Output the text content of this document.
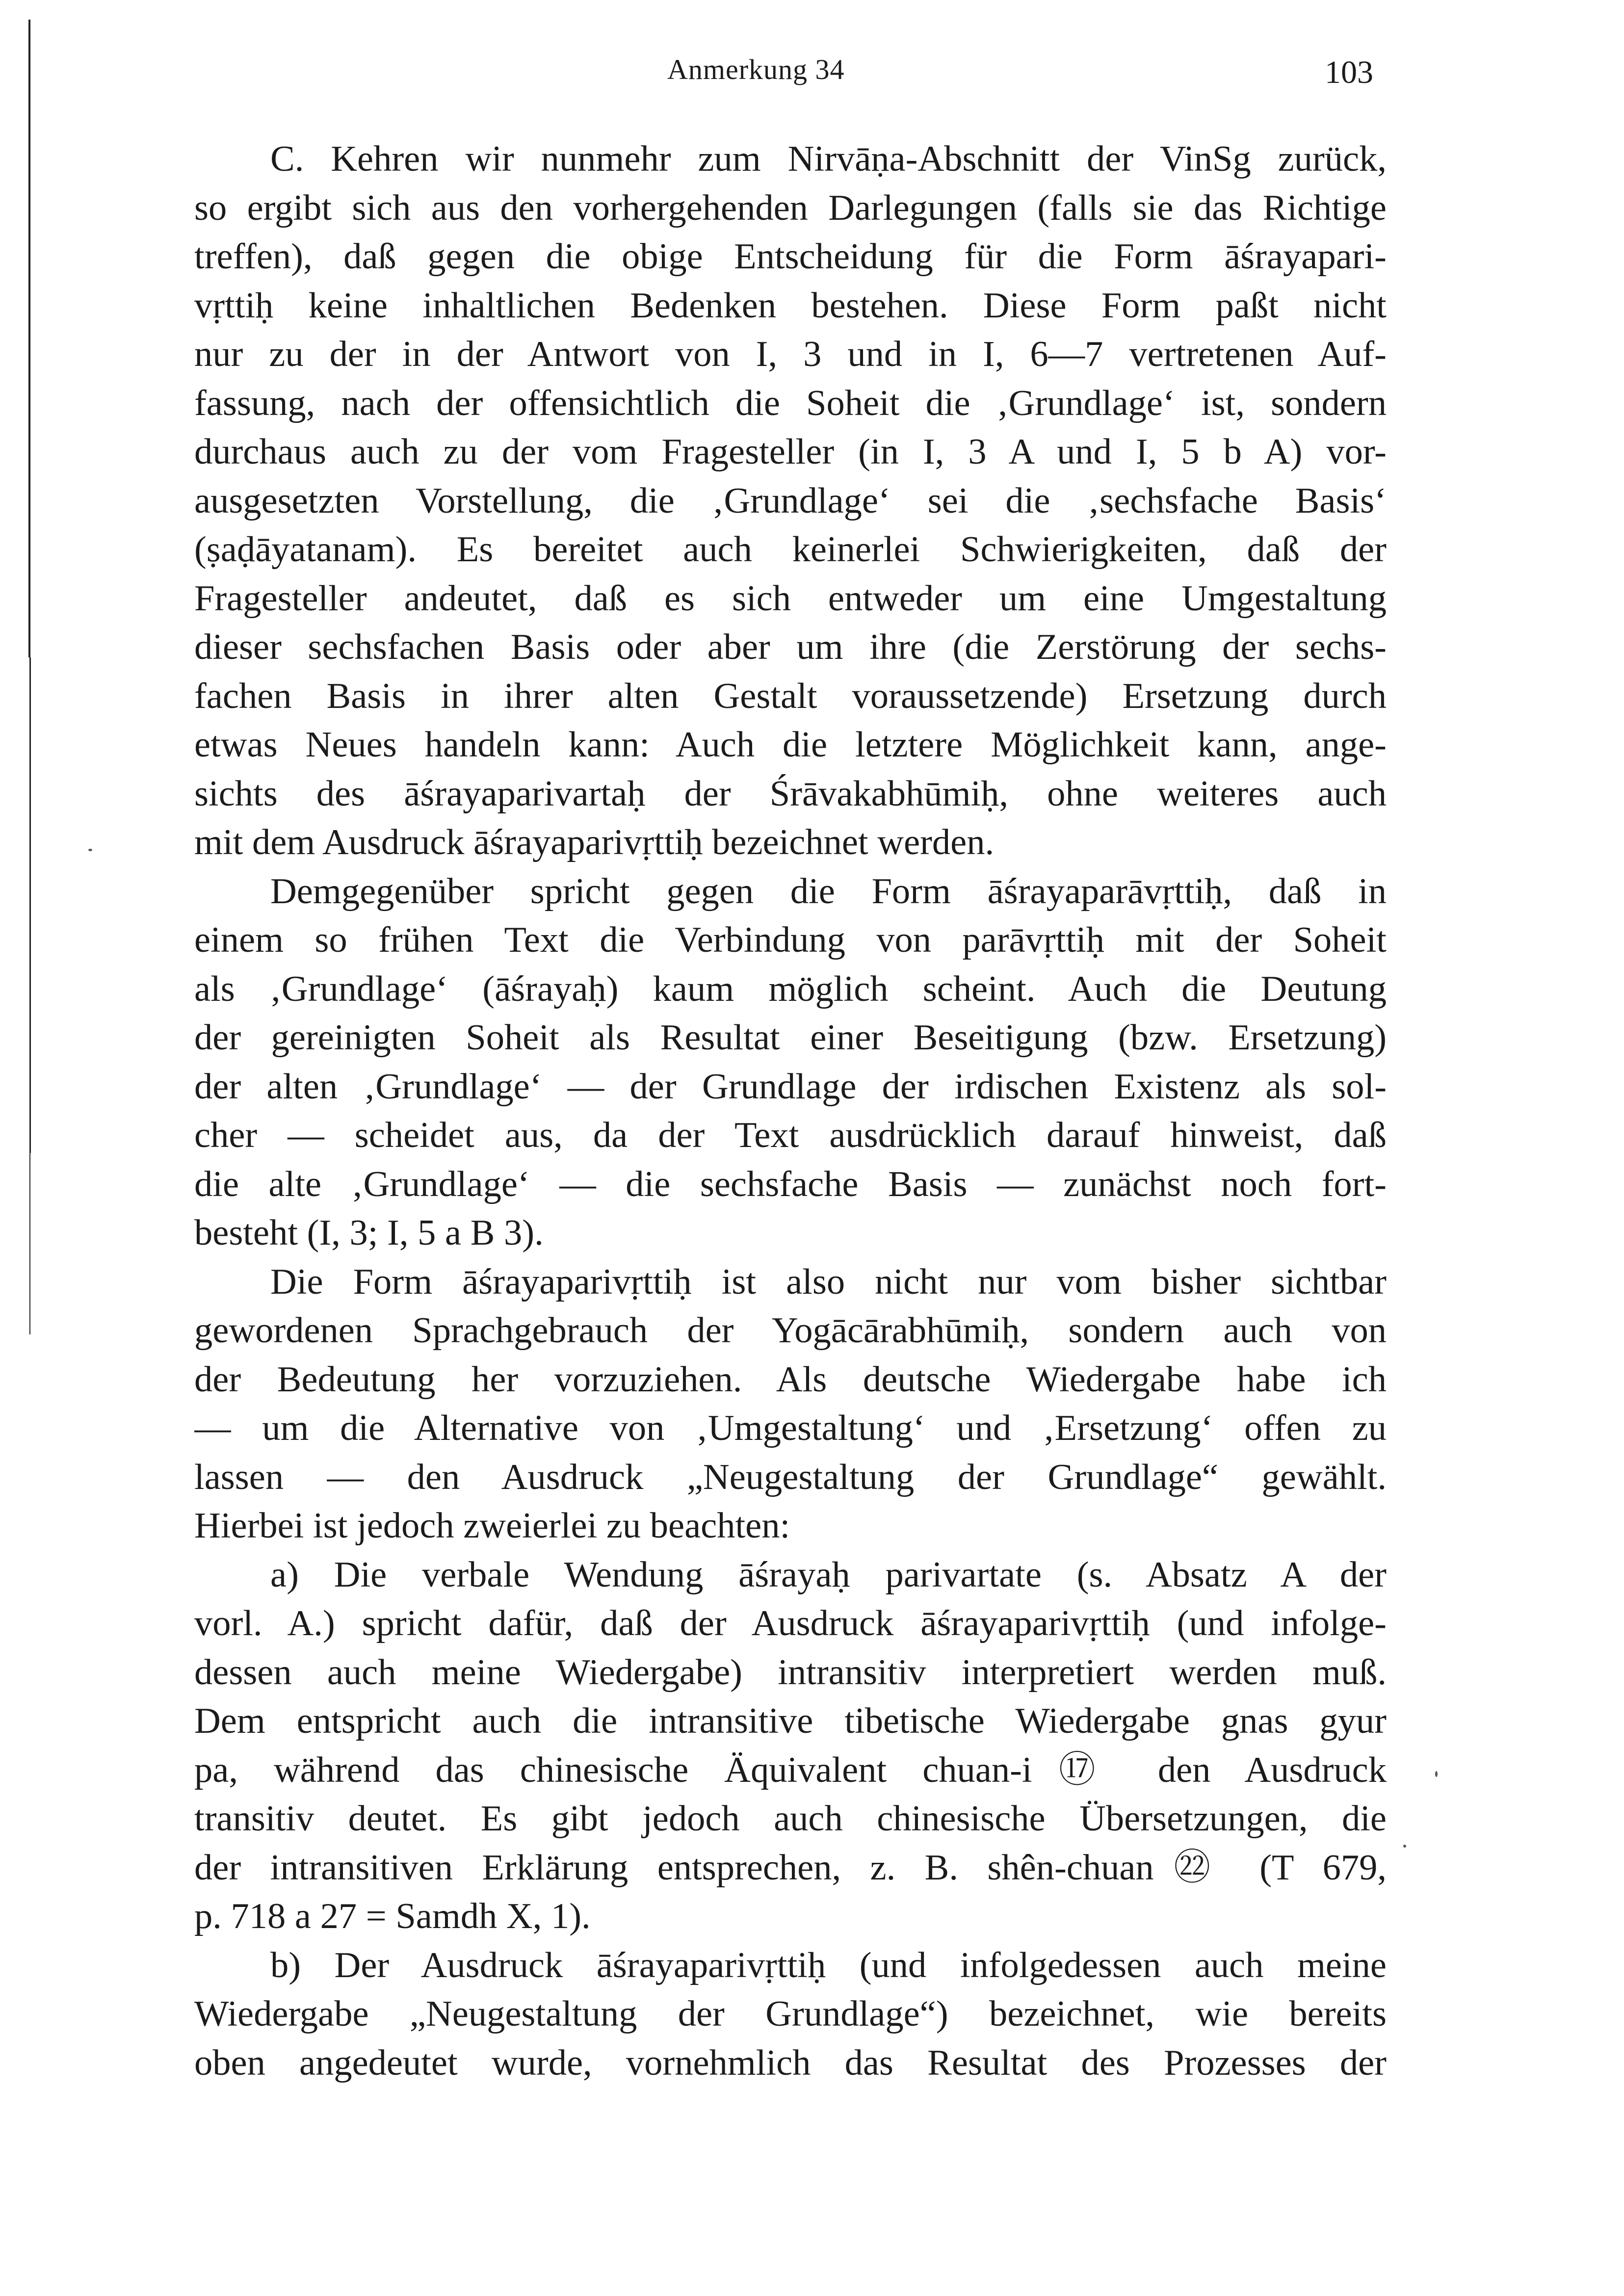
Anmerkung 34	103
C. Kehren wir nunmehr zum Nirvāṇa-Abschnitt der VinSg zurück,
so ergibt sich aus den vorhergehenden Darlegungen (falls sie das Richtige
treffen), daß gegen die obige Entscheidung für die Form āśrayapari-
vṛttiḥ keine inhaltlichen Bedenken bestehen. Diese Form paßt nicht
nur zu der in der Antwort von I, 3 und in I, 6—7 vertretenen Auf-
fassung, nach der offensichtlich die Soheit die ‚Grundlage‘ ist, sondern
durchaus auch zu der vom Fragesteller (in I, 3 A und I, 5 b A) vor-
ausgesetzten Vorstellung, die ‚Grundlage‘ sei die ‚sechsfache Basis‘
(ṣaḍāyatanam). Es bereitet auch keinerlei Schwierigkeiten, daß der
Fragesteller andeutet, daß es sich entweder um eine Umgestaltung
dieser sechsfachen Basis oder aber um ihre (die Zerstörung der sechs-
fachen Basis in ihrer alten Gestalt voraussetzende) Ersetzung durch
etwas Neues handeln kann: Auch die letztere Möglichkeit kann, ange-
sichts des āśrayaparivartaḥ der Śrāvakabhūmiḥ, ohne weiteres auch
mit dem Ausdruck āśrayaparivṛttiḥ bezeichnet werden.
Demgegenüber spricht gegen die Form āśrayaparāvṛttiḥ, daß in
einem so frühen Text die Verbindung von parāvṛttiḥ mit der Soheit
als ‚Grundlage‘ (āśrayaḥ) kaum möglich scheint. Auch die Deutung
der gereinigten Soheit als Resultat einer Beseitigung (bzw. Ersetzung)
der alten ‚Grundlage‘ — der Grundlage der irdischen Existenz als sol-
cher — scheidet aus, da der Text ausdrücklich darauf hinweist, daß
die alte ‚Grundlage‘ — die sechsfache Basis — zunächst noch fort-
besteht (I, 3; I, 5 a B 3).
Die Form āśrayaparivṛttiḥ ist also nicht nur vom bisher sichtbar
gewordenen Sprachgebrauch der Yogācārabhūmiḥ, sondern auch von
der Bedeutung her vorzuziehen. Als deutsche Wiedergabe habe ich
— um die Alternative von ‚Umgestaltung‘ und ‚Ersetzung‘ offen zu
lassen — den Ausdruck „Neugestaltung der Grundlage“ gewählt.
Hierbei ist jedoch zweierlei zu beachten:
a) Die verbale Wendung āśrayaḥ parivartate (s. Absatz A der
vorl. A.) spricht dafür, daß der Ausdruck āśrayaparivṛttiḥ (und infolge-
dessen auch meine Wiedergabe) intransitiv interpretiert werden muß.
Dem entspricht auch die intransitive tibetische Wiedergabe gnas gyur
pa, während das chinesische Äquivalent chuan-i⑰ den Ausdruck
transitiv deutet. Es gibt jedoch auch chinesische Übersetzungen, die
der intransitiven Erklärung entsprechen, z. B. shên-chuan㉒ (T 679,
p. 718 a 27 = Samdh X, 1).
b) Der Ausdruck āśrayaparivṛttiḥ (und infolgedessen auch meine
Wiedergabe „Neugestaltung der Grundlage“) bezeichnet, wie bereits
oben angedeutet wurde, vornehmlich das Resultat des Prozesses der
